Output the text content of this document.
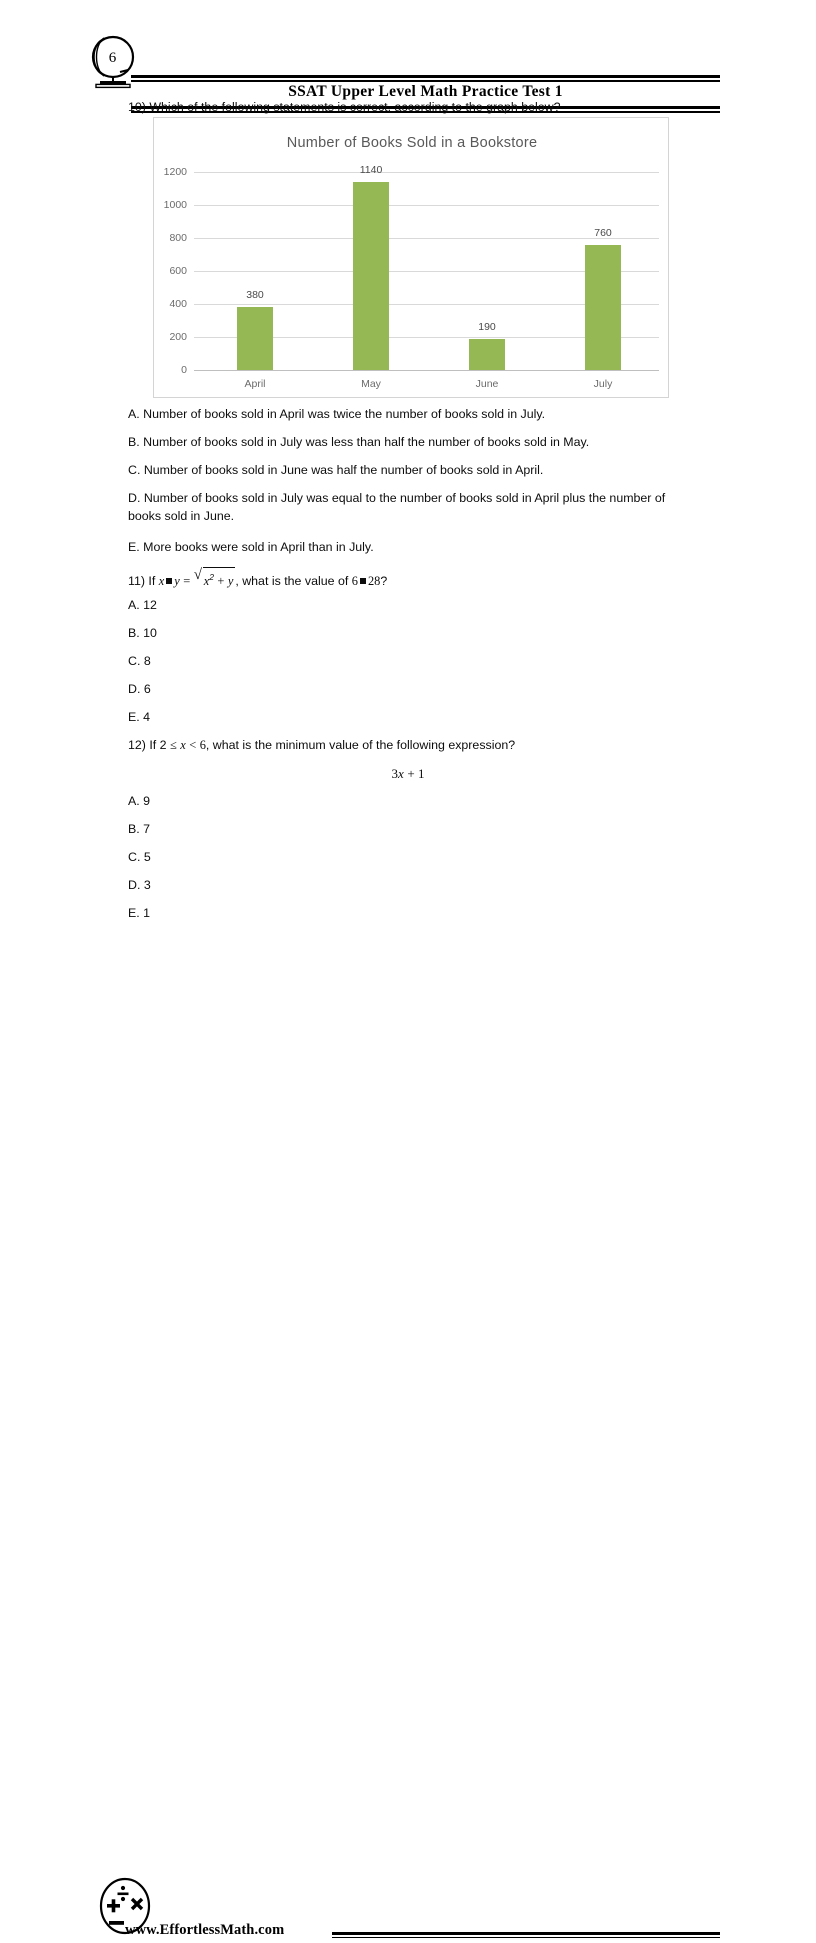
SSAT Upper Level Math Practice Test 1
6
10) Which of the following statements is correct, according to the graph below?
Number of Books Sold in a Bookstore
1200
1000
800
600
400
200
0
380
1140
190
760
April	May	June	July
A. Number of books sold in April was twice the number of books sold in July.
B. Number of books sold in July was less than half the number of books sold in May.
C. Number of books sold in June was half the number of books sold in April.
D. Number of books sold in July was equal to the number of books sold in April plus the number of books sold in June.
E. More books were sold in April than in July.
11) If x y = √ $x^2 + y$ , what is the value of 6 28?
A. 12
B. 10
C. 8
D. 6
E. 4
12) If 2 ≤ x < 6, what is the minimum value of the following expression?
3x + 1
A. 9
B. 7
C. 5
D. 3
E. 1
www.EffortlessMath.com
